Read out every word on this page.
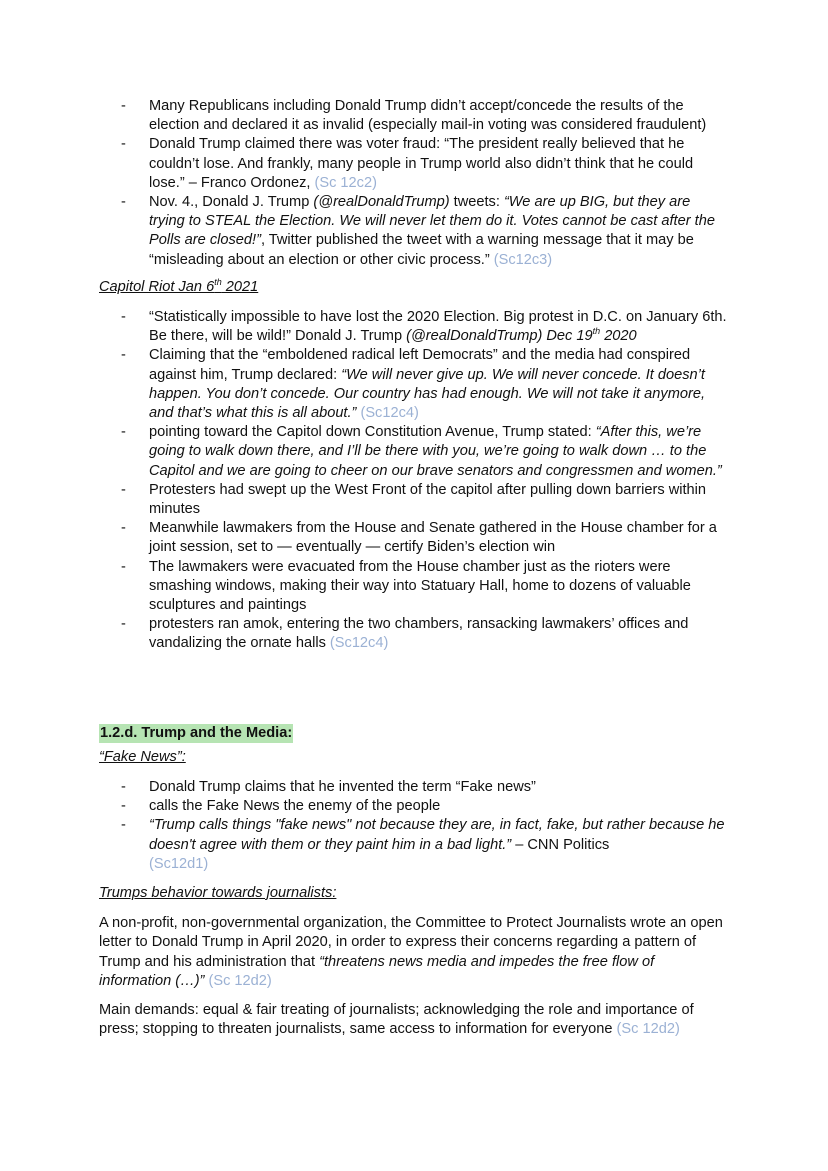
- Many Republicans including Donald Trump didn’t accept/concede the results of the election and declared it as invalid (especially mail-in voting was considered fraudulent)
- Donald Trump claimed there was voter fraud: “The president really believed that he couldn’t lose. And frankly, many people in Trump world also didn’t think that he could lose.” – Franco Ordonez, (Sc 12c2)
- Nov. 4., Donald J. Trump (@realDonaldTrump) tweets: “We are up BIG, but they are trying to STEAL the Election. We will never let them do it. Votes cannot be cast after the Polls are closed!”, Twitter published the tweet with a warning message that it may be “misleading about an election or other civic process.” (Sc12c3)

Capitol Riot Jan 6th 2021

- “Statistically impossible to have lost the 2020 Election. Big protest in D.C. on January 6th. Be there, will be wild!” Donald J. Trump (@realDonaldTrump) Dec 19th 2020
- Claiming that the “emboldened radical left Democrats” and the media had conspired against him, Trump declared: “We will never give up. We will never concede. It doesn’t happen. You don’t concede. Our country has had enough. We will not take it anymore, and that’s what this is all about.” (Sc12c4)
- pointing toward the Capitol down Constitution Avenue, Trump stated: “After this, we’re going to walk down there, and I’ll be there with you, we’re going to walk down … to the Capitol and we are going to cheer on our brave senators and congressmen and women.”
- Protesters had swept up the West Front of the capitol after pulling down barriers within minutes
- Meanwhile lawmakers from the House and Senate gathered in the House chamber for a joint session, set to — eventually — certify Biden’s election win
- The lawmakers were evacuated from the House chamber just as the rioters were smashing windows, making their way into Statuary Hall, home to dozens of valuable sculptures and paintings
- protesters ran amok, entering the two chambers, ransacking lawmakers’ offices and vandalizing the ornate halls (Sc12c4)
1.2.d. Trump and the Media:

“Fake News”:

- Donald Trump claims that he invented the term “Fake news”
- calls the Fake News the enemy of the people
- “Trump calls things "fake news" not because they are, in fact, fake, but rather because he doesn't agree with them or they paint him in a bad light.” – CNN Politics
(Sc12d1)

Trumps behavior towards journalists:

A non-profit, non-governmental organization, the Committee to Protect Journalists wrote an open letter to Donald Trump in April 2020, in order to express their concerns regarding a pattern of Trump and his administration that “threatens news media and impedes the free flow of information (…)” (Sc 12d2)

Main demands: equal & fair treating of journalists; acknowledging the role and importance of press; stopping to threaten journalists, same access to information for everyone (Sc 12d2)
